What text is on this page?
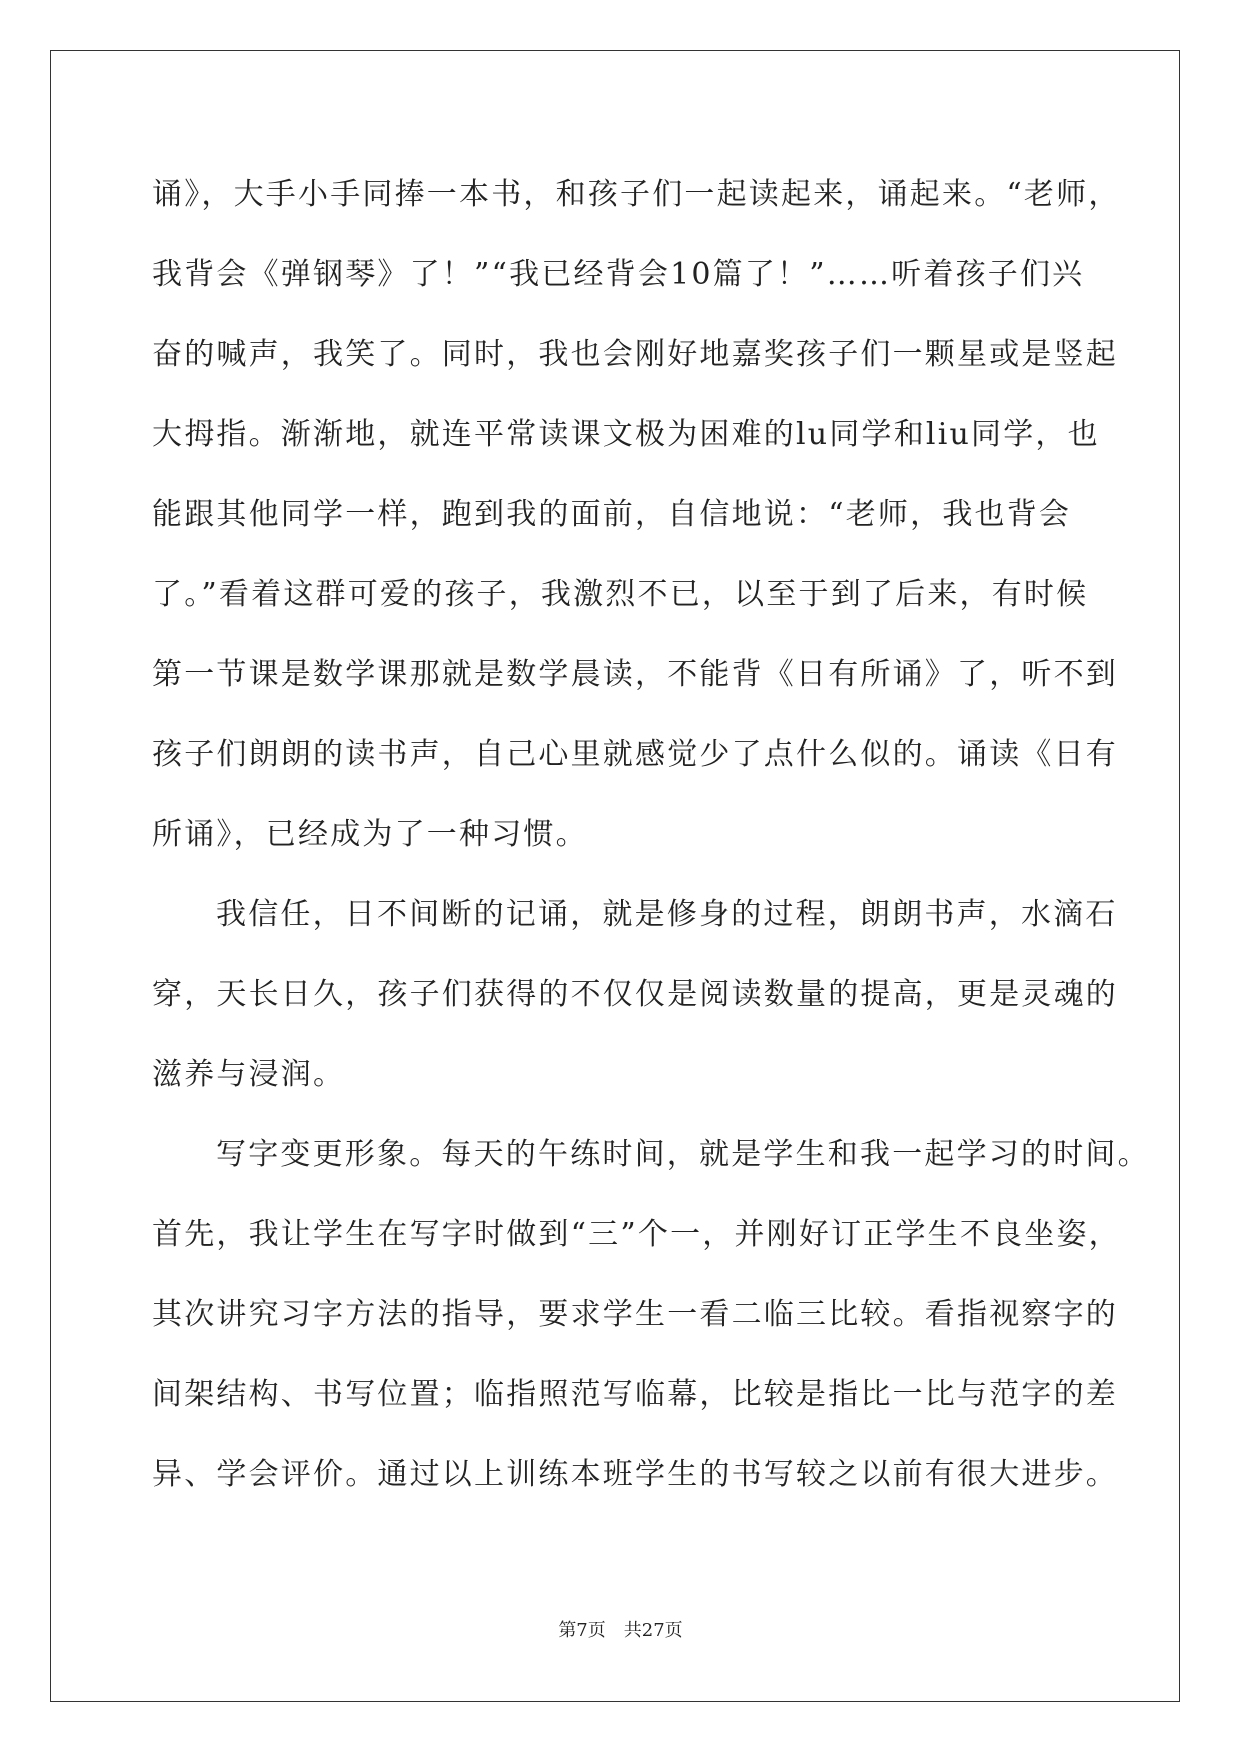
诵》，大手小手同捧一本书，和孩子们一起读起来，诵起来。“老师，
我背会《弹钢琴》了！”“我已经背会10篇了！”……听着孩子们兴
奋的喊声，我笑了。同时，我也会刚好地嘉奖孩子们一颗星或是竖起
大拇指。渐渐地，就连平常读课文极为困难的lu同学和liu同学，也
能跟其他同学一样，跑到我的面前，自信地说：“老师，我也背会
了。”看着这群可爱的孩子，我激烈不已，以至于到了后来，有时候
第一节课是数学课那就是数学晨读，不能背《日有所诵》了，听不到
孩子们朗朗的读书声，自己心里就感觉少了点什么似的。诵读《日有
所诵》，已经成为了一种习惯。
我信任，日不间断的记诵，就是修身的过程，朗朗书声，水滴石
穿，天长日久，孩子们获得的不仅仅是阅读数量的提高，更是灵魂的
滋养与浸润。
写字变更形象。每天的午练时间，就是学生和我一起学习的时间。
首先，我让学生在写字时做到“三”个一，并刚好订正学生不良坐姿，
其次讲究习字方法的指导，要求学生一看二临三比较。看指视察字的
间架结构、书写位置；临指照范写临幕，比较是指比一比与范字的差
异、学会评价。通过以上训练本班学生的书写较之以前有很大进步。
第7页　共27页
